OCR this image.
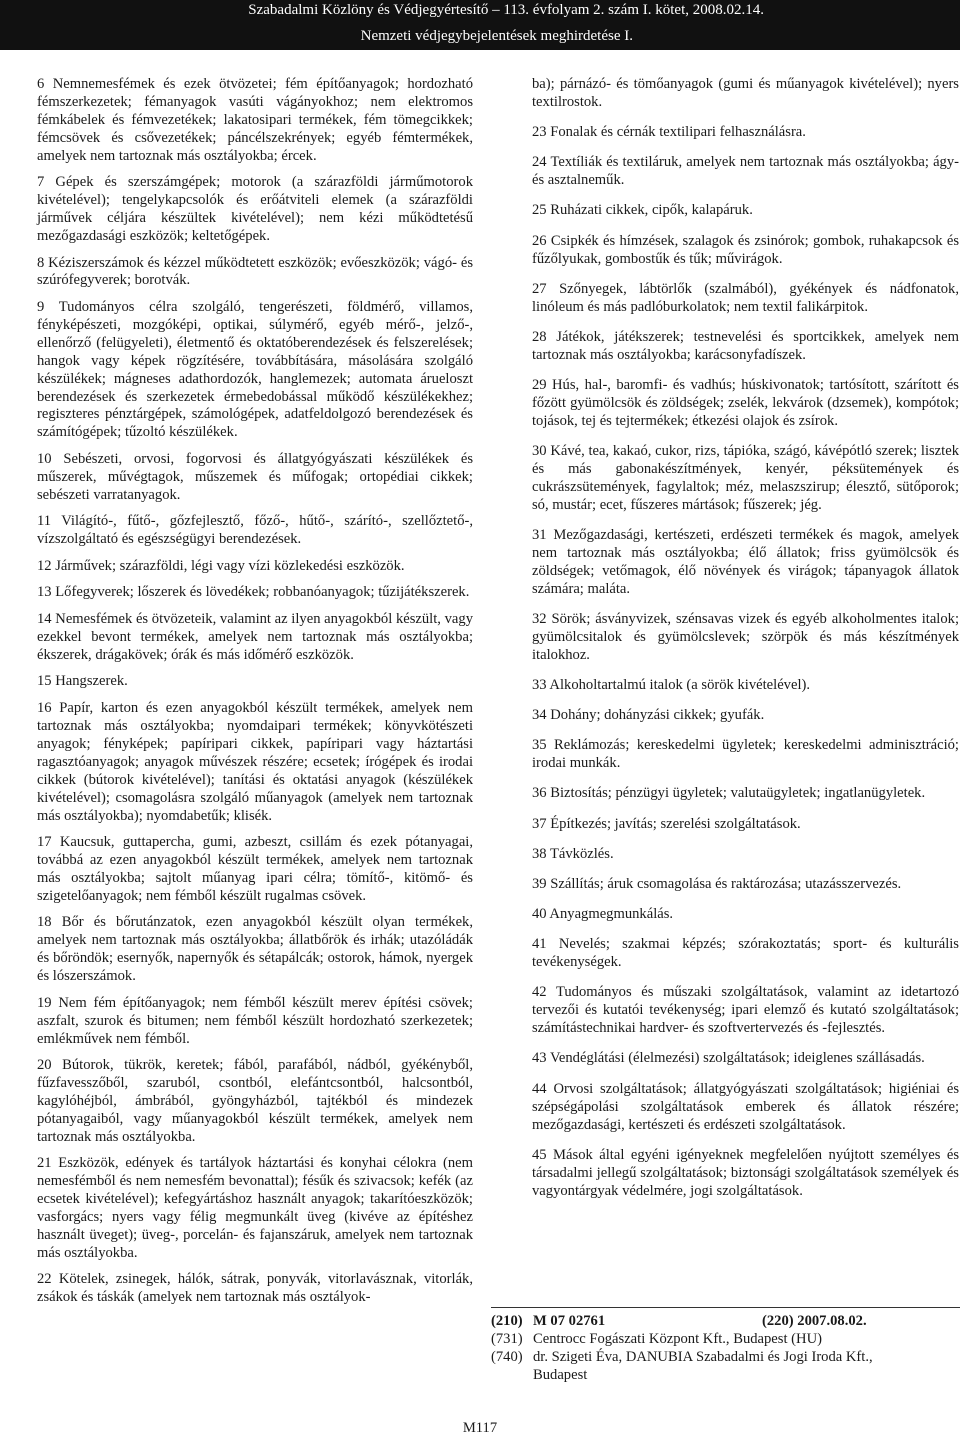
Szabadalmi Közlöny és Védjegyértesítő – 113. évfolyam 2. szám I. kötet, 2008.02.14.
Nemzeti védjegybejelentések meghirdetése I.

6 Nemnemesfémek és ezek ötvözetei; fém építőanyagok; hordozható fémszerkezetek; fémanyagok vasúti vágányokhoz; nem elektromos fémkábelek és fémvezetékek; lakatosipari termékek, fém tömegcikkek; fémcsövek és csővezetékek; páncélszekrények; egyéb fémtermékek, amelyek nem tartoznak más osztályokba; ércek.

7 Gépek és szerszámgépek; motorok (a szárazföldi járműmotorok kivételével); tengelykapcsolók és erőátviteli elemek (a szárazföldi járművek céljára készültek kivételével); nem kézi működtetésű mezőgazdasági eszközök; keltetőgépek.

8 Kéziszerszámok és kézzel működtetett eszközök; evőeszközök; vágó- és szúrófegyverek; borotvák.

9 Tudományos célra szolgáló, tengerészeti, földmérő, villamos, fényképészeti, mozgóképi, optikai, súlymérő, egyéb mérő-, jelző-, ellenőrző (felügyeleti), életmentő és oktatóberendezések és felszerelések; hangok vagy képek rögzítésére, továbbítására, másolására szolgáló készülékek; mágneses adathordozók, hanglemezek; automata árueloszt berendezések és szerkezetek érmebedobással működő készülékekhez; regiszteres pénztárgépek, számológépek, adatfeldolgozó berendezések és számítógépek; tűzoltó készülékek.

10 Sebészeti, orvosi, fogorvosi és állatgyógyászati készülékek és műszerek, művégtagok, műszemek és műfogak; ortopédiai cikkek; sebészeti varratanyagok.

11 Világító-, fűtő-, gőzfejlesztő, főző-, hűtő-, szárító-, szellőztető-, vízszolgáltató és egészségügyi berendezések.

12 Járművek; szárazföldi, légi vagy vízi közlekedési eszközök.

13 Lőfegyverek; lőszerek és lövedékek; robbanóanyagok; tűzijátékszerek.

14 Nemesfémek és ötvözeteik, valamint az ilyen anyagokból készült, vagy ezekkel bevont termékek, amelyek nem tartoznak más osztályokba; ékszerek, drágakövek; órák és más időmérő eszközök.

15 Hangszerek.

16 Papír, karton és ezen anyagokból készült termékek, amelyek nem tartoznak más osztályokba; nyomdaipari termékek; könyvkötészeti anyagok; fényképek; papíripari cikkek, papíripari vagy háztartási ragasztóanyagok; anyagok művészek részére; ecsetek; írógépek és irodai cikkek (bútorok kivételével); tanítási és oktatási anyagok (készülékek kivételével); csomagolásra szolgáló műanyagok (amelyek nem tartoznak más osztályokba); nyomdabetűk; klisék.

17 Kaucsuk, guttapercha, gumi, azbeszt, csillám és ezek pótanyagai, továbbá az ezen anyagokból készült termékek, amelyek nem tartoznak más osztályokba; sajtolt műanyag ipari célra; tömítő-, kitömő- és szigetelőanyagok; nem fémből készült rugalmas csövek.

18 Bőr és bőrutánzatok, ezen anyagokból készült olyan termékek, amelyek nem tartoznak más osztályokba; állatbőrök és irhák; utazóládák és bőröndök; esernyők, napernyők és sétapálcák; ostorok, hámok, nyergek és lószerszámok.

19 Nem fém építőanyagok; nem fémből készült merev építési csövek; aszfalt, szurok és bitumen; nem fémből készült hordozható szerkezetek; emlékművek nem fémből.

20 Bútorok, tükrök, keretek; fából, parafából, nádból, gyékényből, fűzfavesszőből, szaruból, csontból, elefántcsontból, halcsontból, kagylóhéjból, ámbrából, gyöngyházból, tajtékból és mindezek pótanyagaiból, vagy műanyagokból készült termékek, amelyek nem tartoznak más osztályokba.

21 Eszközök, edények és tartályok háztartási és konyhai célokra (nem nemesfémből és nem nemesfém bevonattal); fésűk és szivacsok; kefék (az ecsetek kivételével); kefegyártáshoz használt anyagok; takarítóeszközök; vasforgács; nyers vagy félig megmunkált üveg (kivéve az építéshez használt üveget); üveg-, porcelán- és fajanszáruk, amelyek nem tartoznak más osztályokba.

22 Kötelek, zsinegek, hálók, sátrak, ponyvák, vitorlavásznak, vitorlák, zsákok és táskák (amelyek nem tartoznak más osztályok-

ba); párnázó- és tömőanyagok (gumi és műanyagok kivételével); nyers textilrostok.

23 Fonalak és cérnák textilipari felhasználásra.

24 Textíliák és textiláruk, amelyek nem tartoznak más osztályokba; ágy- és asztalneműk.

25 Ruházati cikkek, cipők, kalapáruk.

26 Csipkék és hímzések, szalagok és zsinórok; gombok, ruhakapcsok és fűzőlyukak, gombostűk és tűk; művirágok.

27 Szőnyegek, lábtörlők (szalmából), gyékények és nádfonatok, linóleum és más padlóburkolatok; nem textil falikárpitok.

28 Játékok, játékszerek; testnevelési és sportcikkek, amelyek nem tartoznak más osztályokba; karácsonyfadíszek.

29 Hús, hal-, baromfi- és vadhús; húskivonatok; tartósított, szárított és főzött gyümölcsök és zöldségek; zselék, lekvárok (dzsemek), kompótok; tojások, tej és tejtermékek; étkezési olajok és zsírok.

30 Kávé, tea, kakaó, cukor, rizs, tápióka, szágó, kávépótló szerek; lisztek és más gabonakészítmények, kenyér, péksütemények és cukrászsütemények, fagylaltok; méz, melaszszirup; élesztő, sütőporok; só, mustár; ecet, fűszeres mártások; fűszerek; jég.

31 Mezőgazdasági, kertészeti, erdészeti termékek és magok, amelyek nem tartoznak más osztályokba; élő állatok; friss gyümölcsök és zöldségek; vetőmagok, élő növények és virágok; tápanyagok állatok számára; maláta.

32 Sörök; ásványvizek, szénsavas vizek és egyéb alkoholmentes italok; gyümölcsitalok és gyümölcslevek; szörpök és más készítmények italokhoz.

33 Alkoholtartalmú italok (a sörök kivételével).

34 Dohány; dohányzási cikkek; gyufák.

35 Reklámozás; kereskedelmi ügyletek; kereskedelmi adminisztráció; irodai munkák.

36 Biztosítás; pénzügyi ügyletek; valutaügyletek; ingatlanügyletek.

37 Építkezés; javítás; szerelési szolgáltatások.

38 Távközlés.

39 Szállítás; áruk csomagolása és raktározása; utazásszervezés.

40 Anyagmegmunkálás.

41 Nevelés; szakmai képzés; szórakoztatás; sport- és kulturális tevékenységek.

42 Tudományos és műszaki szolgáltatások, valamint az idetartozó tervezői és kutatói tevékenység; ipari elemző és kutató szolgáltatások; számítástechnikai hardver- és szoftvertervezés és -fejlesztés.

43 Vendéglátási (élelmezési) szolgáltatások; ideiglenes szállásadás.

44 Orvosi szolgáltatások; állatgyógyászati szolgáltatások; higiéniai és szépségápolási szolgáltatások emberek és állatok részére; mezőgazdasági, kertészeti és erdészeti szolgáltatások.

45 Mások által egyéni igényeknek megfelelően nyújtott személyes és társadalmi jellegű szolgáltatások; biztonsági szolgáltatások személyek és vagyontárgyak védelmére, jogi szolgáltatások.

(210) M 07 02761	(220) 2007.08.02.
(731) Centrocc Fogászati Központ Kft., Budapest (HU)
(740) dr. Szigeti Éva, DANUBIA Szabadalmi és Jogi Iroda Kft.,
Budapest
M117
